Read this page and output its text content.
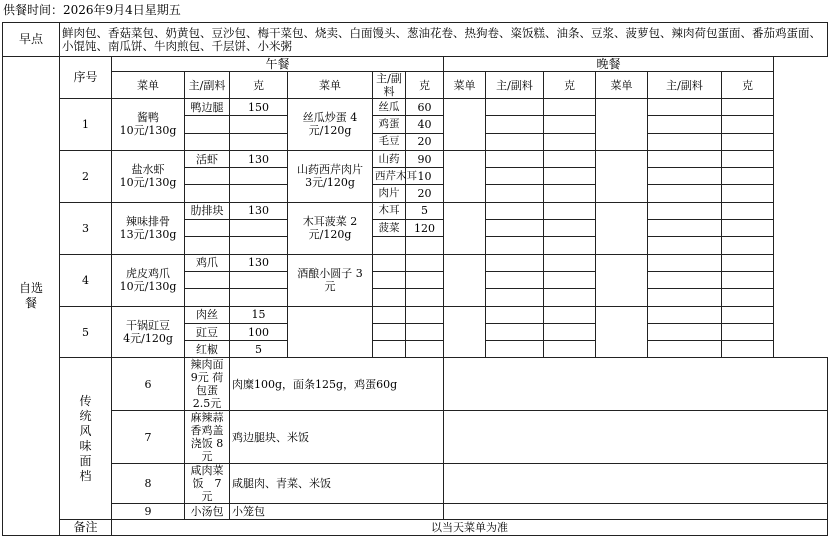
供餐时间：2026年9月4日星期五
早点	鲜肉包、香菇菜包、奶黄包、豆沙包、梅干菜包、烧卖、白面馒头、葱油花卷、热狗卷、粢饭糕、油条、豆浆、菠萝包、辣肉荷包蛋面、番茄鸡蛋面、小馄饨、南瓜饼、牛肉煎包、千层饼、小米粥												
自选餐	序号	午餐						晚餐					
		菜单	主/副料	克	菜单	主/副料	克	菜单	主/副料	克	菜单	主/副料	克
	1	酱鸭　　 10元/130g	鸭边腿	150	丝瓜炒蛋 4元/120g	丝瓜	60						
						鸡蛋	40						
						毛豆	20						
	2	盐水虾　 10元/130g	活虾	130	山药西芹肉片3元/120g	山药	90						
						西芹木耳	10						
						肉片	20						
	3	辣味排骨 13元/130g	肋排块	130	木耳菠菜 2元/120g	木耳	5						
						菠菜	120						

	4	虎皮鸡爪 10元/130g	鸡爪	130	酒酿小圆子 3元								

	5	干锅豇豆　4元/120g	肉丝	15									
			豇豆	100									
			红椒	5									
	传统风味面档	6	辣肉面9元 荷包蛋2.5元	肉糜100g，面条125g，鸡蛋60g									
		7	麻辣蒜香鸡盖浇饭 8元	鸡边腿块、米饭									
		8	咸肉菜饭　7元	咸腿肉、青菜、米饭									
		9	小汤包	小笼包									
	备注	以当天菜单为准											
